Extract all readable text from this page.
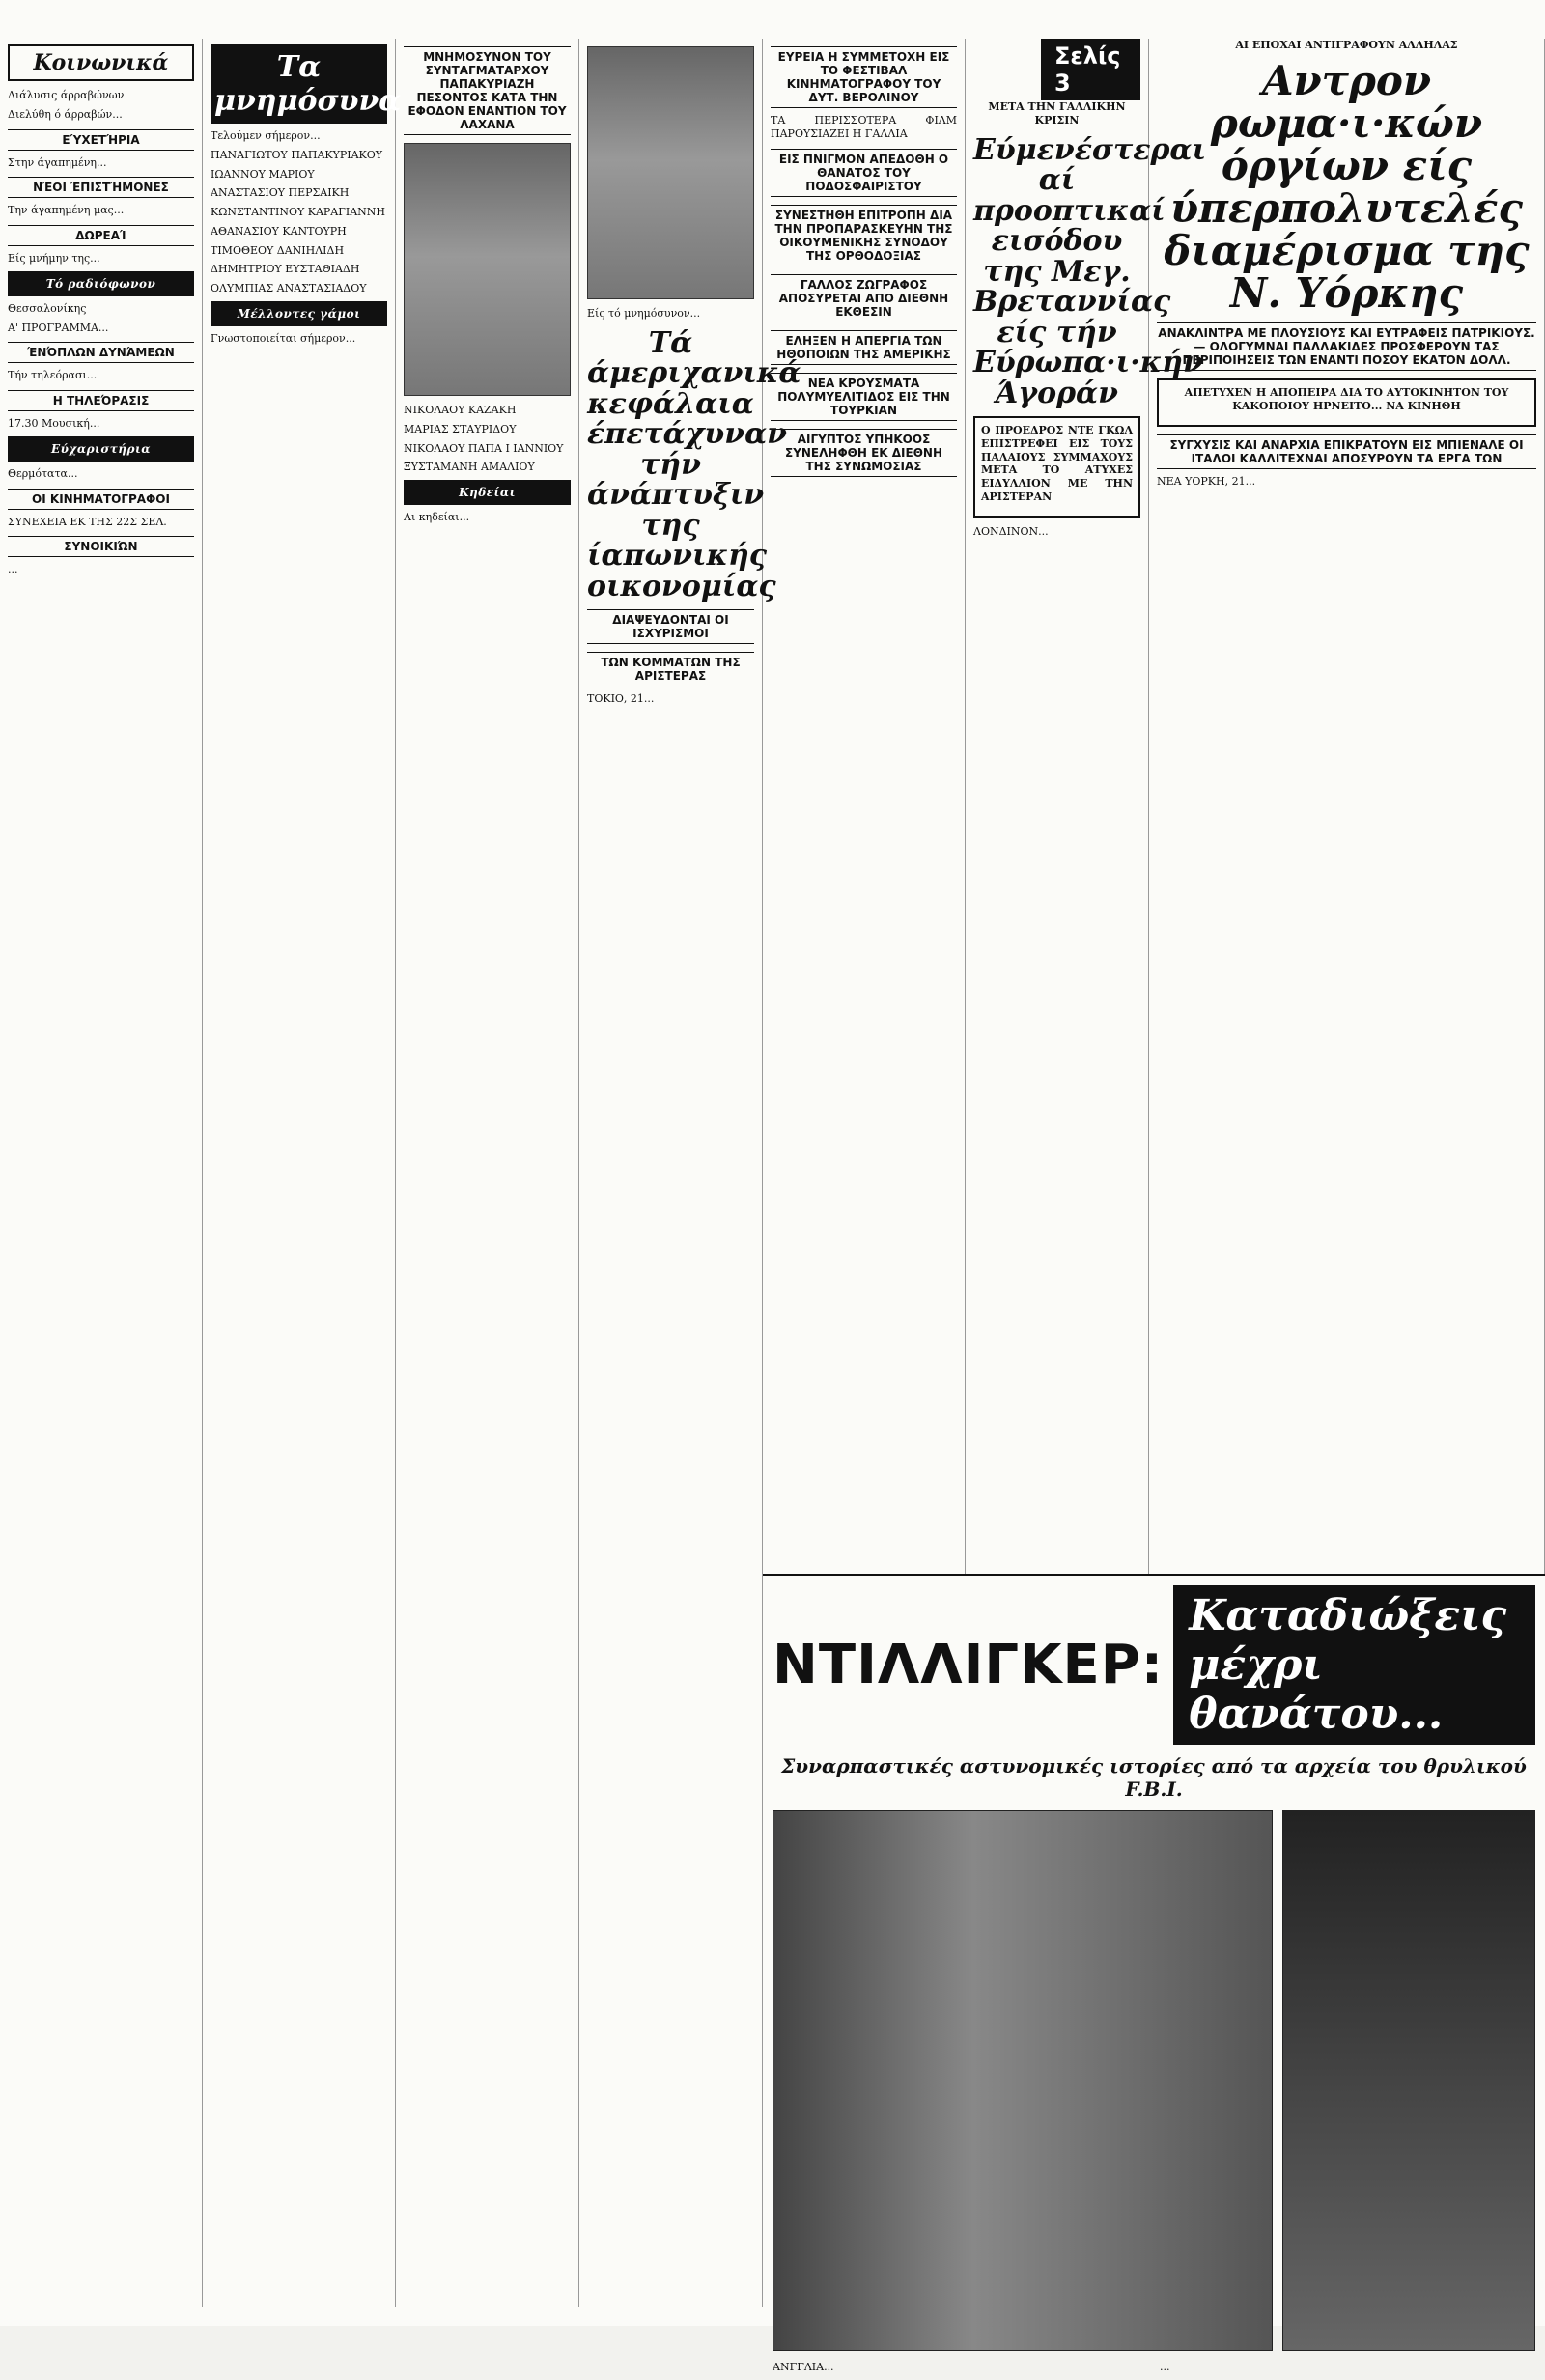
Κοινωνικά
Διάλυσις άρραβώνων
Διελύθη ό άρραβών...
ΕΎΧΕΤΉΡΙΑ
Στην άγαπημένη...
ΝΈΟΙ ΈΠΙΣΤΉΜΟΝΕΣ
Την άγαπημένη μας...
ΔΩΡΕΑΊ
Είς μνήμην της...
Τό ραδιόφωνον
Θεσσαλονίκης
Α' ΠΡΟΓΡΑΜΜΑ...
ΈΝΌΠΛΩΝ ΔΥΝΆΜΕΩΝ
Τήν τηλεόρασι...
Η ΤΗΛΕΌΡΑΣΙΣ
17.30 Μουσική...
Εύχαριστήρια
Θερμότατα...
ΟΙ ΚΙΝΗΜΑΤΟΓΡΑΦΟΙ
ΣΥΝΕΧΕΙΑ ΕΚ ΤΗΣ 22Σ ΣΕΛ.
ΣΥΝΟΙΚΙΏΝ
...
Τα μνημόσυνα
Τελούμεν σήμερον...
ΠΑΝΑΓΙΩΤΟΥ ΠΑΠΑΚΥΡΙΑΚΟΥ
ΙΩΑΝΝΟΥ ΜΑΡΙΟΥ
ΑΝΑΣΤΑΣΙΟΥ ΠΕΡΣΑΙΚΗ
ΚΩΝΣΤΑΝΤΙΝΟΥ ΚΑΡΑΓΙΑΝΝΗ
ΑΘΑΝΑΣΙΟΥ ΚΑΝΤΟΥΡΗ
ΤΙΜΟΘΕΟΥ ΔΑΝΙΗΛΙΔΗ
ΔΗΜΗΤΡΙΟΥ ΕΥΣΤΑΘΙΑΔΗ
ΟΛΥΜΠΙΑΣ ΑΝΑΣΤΑΣΙΑΔΟΥ
Μέλλοντες γάμοι
Γνωστοποιείται σήμερον...
ΜΝΗΜΟΣΥΝΟΝ ΤΟΥ ΣΥΝΤΑΓΜΑΤΑΡΧΟΥ ΠΑΠΑΚΥΡΙΑΖΗ ΠΕΣΟΝΤΟΣ ΚΑΤΑ ΤΗΝ ΕΦΟΔΟΝ ΕΝΑΝΤΙΟΝ ΤΟΥ ΛΑΧΑΝΑ
ΝΙΚΟΛΑΟΥ ΚΑΖΑΚΗ
ΜΑΡΙΑΣ ΣΤΑΥΡΙΔΟΥ
ΝΙΚΟΛΑΟΥ ΠΑΠΑ Ι ΙΑΝΝΙΟΥ
ΞΥΣΤΑΜΑΝΗ ΑΜΑΛΙΟΥ
Κηδείαι
Αι κηδείαι...
Είς τό μνημόσυνον...
Τά άμεριχανικά κεφάλαια έπετάχυναν τήν άνάπτυξιν της ίαπωνικής οικονομίας
ΔΙΑΨΕΥΔΟΝΤΑΙ ΟΙ ΙΣΧΥΡΙΣΜΟΙ
ΤΩΝ ΚΟΜΜΑΤΩΝ ΤΗΣ ΑΡΙΣΤΕΡΑΣ
ΤΟΚΙΟ, 21...
ΕΥΡΕΙΑ Η ΣΥΜΜΕΤΟΧΗ ΕΙΣ ΤΟ ΦΕΣΤΙΒΑΛ ΚΙΝΗΜΑΤΟΓΡΑΦΟΥ ΤΟΥ ΔΥΤ. ΒΕΡΟΛΙΝΟΥ
ΤΑ ΠΕΡΙΣΣΟΤΕΡΑ ΦΙΛΜ ΠΑΡΟΥΣΙΑΖΕΙ Η ΓΑΛΛΙΑ
ΕΙΣ ΠΝΙΓΜΟΝ ΑΠΕΔΟΘΗ Ο ΘΑΝΑΤΟΣ ΤΟΥ ΠΟΔΟΣΦΑΙΡΙΣΤΟΥ
ΣΥΝΕΣΤΗΘΗ ΕΠΙΤΡΟΠΗ ΔΙΑ ΤΗΝ ΠΡΟΠΑΡΑΣΚΕΥΗΝ ΤΗΣ ΟΙΚΟΥΜΕΝΙΚΗΣ ΣΥΝΟΔΟΥ ΤΗΣ ΟΡΘΟΔΟΞΙΑΣ
ΓΑΛΛΟΣ ΖΩΓΡΑΦΟΣ ΑΠΟΣΥΡΕΤΑΙ ΑΠΟ ΔΙΕΘΝΗ ΕΚΘΕΣΙΝ
ΕΛΗΞΕΝ Η ΑΠΕΡΓΙΑ ΤΩΝ ΗΘΟΠΟΙΩΝ ΤΗΣ ΑΜΕΡΙΚΗΣ
ΝΕΑ ΚΡΟΥΣΜΑΤΑ ΠΟΛΥΜΥΕΛΙΤΙΔΟΣ ΕΙΣ ΤΗΝ ΤΟΥΡΚΙΑΝ
ΑΙΓΥΠΤΟΣ ΥΠΗΚΟΟΣ ΣΥΝΕΛΗΦΘΗ ΕΚ ΔΙΕΘΝΗ ΤΗΣ ΣΥΝΩΜΟΣΙΑΣ
Σελίς 3
ΜΕΤΑ ΤΗΝ ΓΑΛΛΙΚΗΝ ΚΡΙΣΙΝ
Εύμενέστεραι αί προοπτικαί εισόδου της Μεγ. Βρεταννίας είς τήν Εύρωπα·ι·κήν Άγοράν
Ο ΠΡΟΕΔΡΟΣ ΝΤΕ ΓΚΩΛ ΕΠΙΣΤΡΕΦΕΙ ΕΙΣ ΤΟΥΣ ΠΑΛΑΙΟΥΣ ΣΥΜΜΑΧΟΥΣ ΜΕΤΑ ΤΟ ΑΤΥΧΕΣ ΕΙΔΥΛΛΙΟΝ ΜΕ ΤΗΝ ΑΡΙΣΤΕΡΑΝ
ΛΟΝΔΙΝΟΝ...
ΑΙ ΕΠΟΧΑΙ ΑΝΤΙΓΡΑΦΟΥΝ ΑΛΛΗΛΑΣ
Αντρον ρωμα·ι·κών όργίων είς ύπερπολυτελές διαμέρισμα της Ν. Υόρκης
ΑΝΑΚΛΙΝΤΡΑ ΜΕ ΠΛΟΥΣΙΟΥΣ ΚΑΙ ΕΥΤΡΑΦΕΙΣ ΠΑΤΡΙΚΙΟΥΣ. — ΟΛΟΓΥΜΝΑΙ ΠΑΛΛΑΚΙΔΕΣ ΠΡΟΣΦΕΡΟΥΝ ΤΑΣ ΠΕΡΙΠΟΙΗΣΕΙΣ ΤΩΝ ΕΝΑΝΤΙ ΠΟΣΟΥ ΕΚΑΤΟΝ ΔΟΛΛ.
ΑΠΕΤΥΧΕΝ Η ΑΠΟΠΕΙΡΑ ΔΙΑ ΤΟ ΑΥΤΟΚΙΝΗΤΟΝ ΤΟΥ ΚΑΚΟΠΟΙΟΥ ΗΡΝΕΙΤΟ... ΝΑ ΚΙΝΗΘΗ
ΣΥΓΧΥΣΙΣ ΚΑΙ ΑΝΑΡΧΙΑ ΕΠΙΚΡΑΤΟΥΝ ΕΙΣ ΜΠΙΕΝΑΛΕ ΟΙ ΙΤΑΛΟΙ ΚΑΛΛΙΤΕΧΝΑΙ ΑΠΟΣΥΡΟΥΝ ΤΑ ΕΡΓΑ ΤΩΝ
ΝΕΑ ΥΟΡΚΗ, 21...
ΝΤΙΛΛΙΓΚΕΡ:
Καταδιώξεις μέχρι θανάτου...
Συναρπαστικές αστυνομικές ιστορίες από τα αρχεία του θρυλικού F.B.I.
ΑΝΓΓΛΙΑ...	...
